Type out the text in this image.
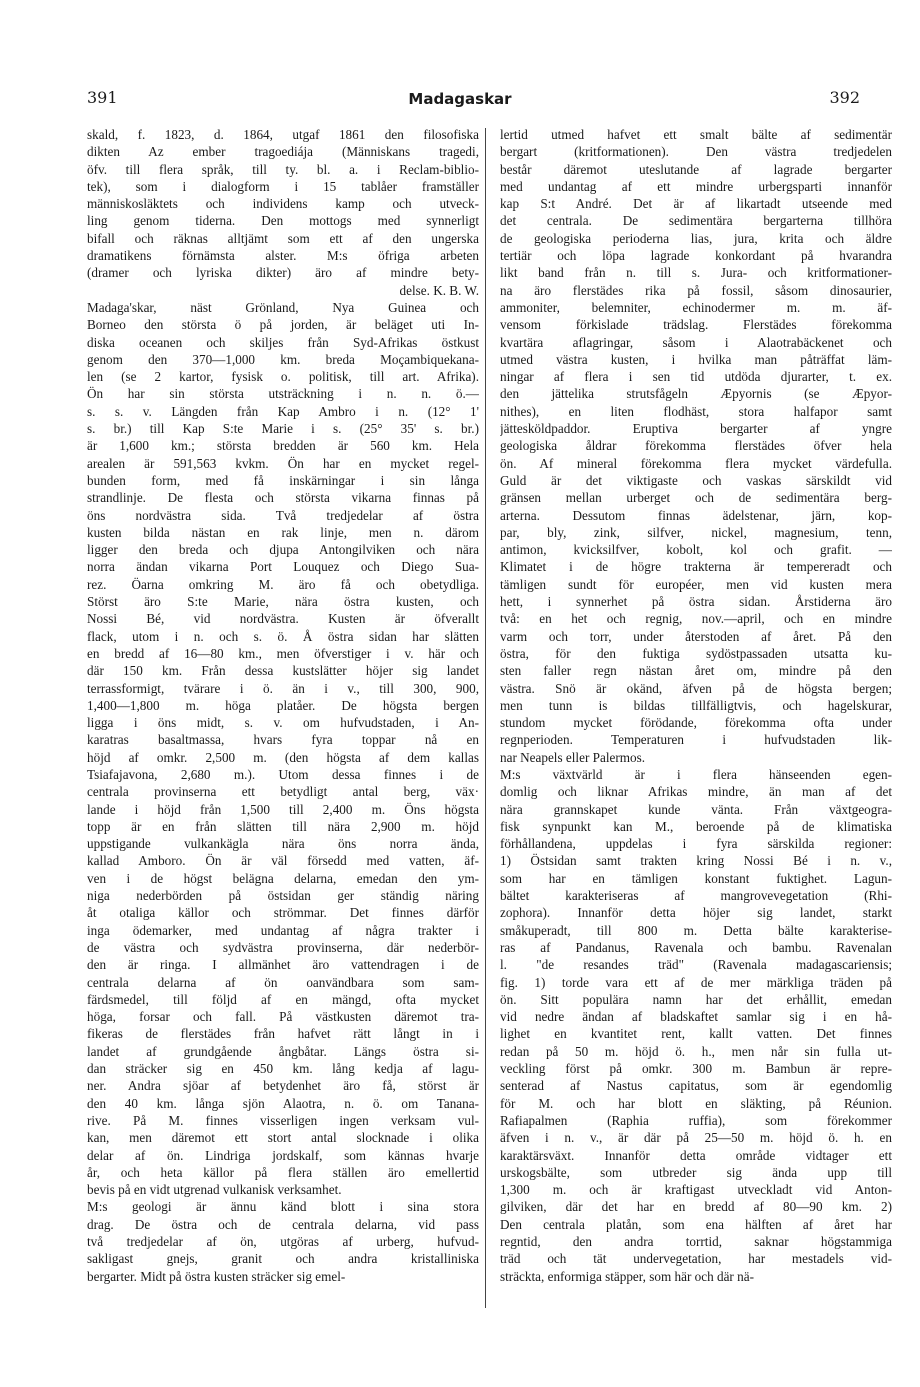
391	Madagaskar	392
skald, f. 1823, d. 1864, utgaf 1861 den filosofiska
dikten Az ember tragoediája (Människans tragedi,
öfv. till flera språk, till ty. bl. a. i Reclam-biblio-
tek), som i dialogform i 15 tablåer framställer
människosläktets och individens kamp och utveck-
ling genom tiderna. Den mottogs med synnerligt
bifall och räknas alltjämt som ett af den ungerska
dramatikens förnämsta alster. M:s öfriga arbeten
(dramer och lyriska dikter) äro af mindre bety-
delse. K. B. W.
Madaga'skar, näst Grönland, Nya Guinea och
Borneo den största ö på jorden, är beläget uti In-
diska oceanen och skiljes från Syd-Afrikas östkust
genom den 370—1,000 km. breda Moçambiquekana-
len (se 2 kartor, fysisk o. politisk, till art. Afrika).
Ön har sin största utsträckning i n. n. ö.—
s. s. v. Längden från Kap Ambro i n. (12° 1'
s. br.) till Kap S:te Marie i s. (25° 35' s. br.)
är 1,600 km.; största bredden är 560 km. Hela
arealen är 591,563 kvkm. Ön har en mycket regel-
bunden form, med få inskärningar i sin långa
strandlinje. De flesta och största vikarna finnas på
öns nordvästra sida. Två tredjedelar af östra
kusten bilda nästan en rak linje, men n. därom
ligger den breda och djupa Antongilviken och nära
norra ändan vikarna Port Louquez och Diego Sua-
rez. Öarna omkring M. äro få och obetydliga.
Störst äro S:te Marie, nära östra kusten, och
Nossi Bé, vid nordvästra. Kusten är öfverallt
flack, utom i n. och s. ö. Å östra sidan har slätten
en bredd af 16—80 km., men öfverstiger i v. här och
där 150 km. Från dessa kustslätter höjer sig landet
terrassformigt, tvärare i ö. än i v., till 300, 900,
1,400—1,800 m. höga platåer. De högsta bergen
ligga i öns midt, s. v. om hufvudstaden, i An-
karatras basaltmassa, hvars fyra toppar nå en
höjd af omkr. 2,500 m. (den högsta af dem kallas
Tsiafajavona, 2,680 m.). Utom dessa finnes i de
centrala provinserna ett betydligt antal berg, väx·
lande i höjd från 1,500 till 2,400 m. Öns högsta
topp är en från slätten till nära 2,900 m. höjd
uppstigande vulkankägla nära öns norra ända,
kallad Amboro. Ön är väl försedd med vatten, äf-
ven i de högst belägna delarna, emedan den ym-
niga nederbörden på östsidan ger ständig näring
åt otaliga källor och strömmar. Det finnes därför
inga ödemarker, med undantag af några trakter i
de västra och sydvästra provinserna, där nederbör-
den är ringa. I allmänhet äro vattendragen i de
centrala delarna af ön oanvändbara som sam-
färdsmedel, till följd af en mängd, ofta mycket
höga, forsar och fall. På västkusten däremot tra-
fikeras de flerstädes från hafvet rätt långt in i
landet af grundgående ångbåtar. Längs östra si-
dan sträcker sig en 450 km. lång kedja af lagu-
ner. Andra sjöar af betydenhet äro få, störst är
den 40 km. långa sjön Alaotra, n. ö. om Tanana-
rive. På M. finnes visserligen ingen verksam vul-
kan, men däremot ett stort antal slocknade i olika
delar af ön. Lindriga jordskalf, som kännas hvarje
år, och heta källor på flera ställen äro emellertid
bevis på en vidt utgrenad vulkanisk verksamhet.
M:s geologi är ännu känd blott i sina stora
drag. De östra och de centrala delarna, vid pass
två tredjedelar af ön, utgöras af urberg, hufvud-
sakligast gnejs, granit och andra kristalliniska
bergarter. Midt på östra kusten sträcker sig emel-
lertid utmed hafvet ett smalt bälte af sedimentär
bergart (kritformationen). Den västra tredjedelen
består däremot uteslutande af lagrade bergarter
med undantag af ett mindre urbergsparti innanför
kap S:t André. Det är af likartadt utseende med
det centrala. De sedimentära bergarterna tillhöra
de geologiska perioderna lias, jura, krita och äldre
tertiär och löpa lagrade konkordant på hvarandra
likt band från n. till s. Jura- och kritformationer-
na äro flerstädes rika på fossil, såsom dinosaurier,
ammoniter, belemniter, echinodermer m. m. äf-
vensom förkislade trädslag. Flerstädes förekomma
kvartära aflagringar, såsom i Alaotrabäckenet och
utmed västra kusten, i hvilka man påträffat läm-
ningar af flera i sen tid utdöda djurarter, t. ex.
den jättelika strutsfågeln Æpyornis (se Æpyor-
nithes), en liten flodhäst, stora halfapor samt
jättesköldpaddor. Eruptiva bergarter af yngre
geologiska åldrar förekomma flerstädes öfver hela
ön. Af mineral förekomma flera mycket värdefulla.
Guld är det viktigaste och vaskas särskildt vid
gränsen mellan urberget och de sedimentära berg-
arterna. Dessutom finnas ädelstenar, järn, kop-
par, bly, zink, silfver, nickel, magnesium, tenn,
antimon, kvicksilfver, kobolt, kol och grafit. —
Klimatet i de högre trakterna är tempereradt och
tämligen sundt för européer, men vid kusten mera
hett, i synnerhet på östra sidan. Årstiderna äro
två: en het och regnig, nov.—april, och en mindre
varm och torr, under återstoden af året. På den
östra, för den fuktiga sydöstpassaden utsatta ku-
sten faller regn nästan året om, mindre på den
västra. Snö är okänd, äfven på de högsta bergen;
men tunn is bildas tillfälligtvis, och hagelskurar,
stundom mycket förödande, förekomma ofta under
regnperioden. Temperaturen i hufvudstaden lik-
nar Neapels eller Palermos.
M:s växtvärld är i flera hänseenden egen-
domlig och liknar Afrikas mindre, än man af det
nära grannskapet kunde vänta. Från växtgeogra-
fisk synpunkt kan M., beroende på de klimatiska
förhållandena, uppdelas i fyra särskilda regioner:
1) Östsidan samt trakten kring Nossi Bé i n. v.,
som har en tämligen konstant fuktighet. Lagun-
bältet karakteriseras af mangrovevegetation (Rhi-
zophora). Innanför detta höjer sig landet, starkt
småkuperadt, till 800 m. Detta bälte karakterise-
ras af Pandanus, Ravenala och bambu. Ravenalan
l. "de resandes träd" (Ravenala madagascariensis;
fig. 1) torde vara ett af de mer märkliga träden på
ön. Sitt populära namn har det erhållit, emedan
vid nedre ändan af bladskaftet samlar sig i en hå-
lighet en kvantitet rent, kallt vatten. Det finnes
redan på 50 m. höjd ö. h., men når sin fulla ut-
veckling först på omkr. 300 m. Bambun är repre-
senterad af Nastus capitatus, som är egendomlig
för M. och har blott en släkting, på Réunion.
Rafiapalmen (Raphia ruffia), som förekommer
äfven i n. v., är där på 25—50 m. höjd ö. h. en
karaktärsväxt. Innanför detta område vidtager ett
urskogsbälte, som utbreder sig ända upp till
1,300 m. och är kraftigast utveckladt vid Anton-
gilviken, där det har en bredd af 80—90 km. 2)
Den centrala platån, som ena hälften af året har
regntid, den andra torrtid, saknar högstammiga
träd och tät undervegetation, har mestadels vid-
sträckta, enformiga stäpper, som här och där nä-
